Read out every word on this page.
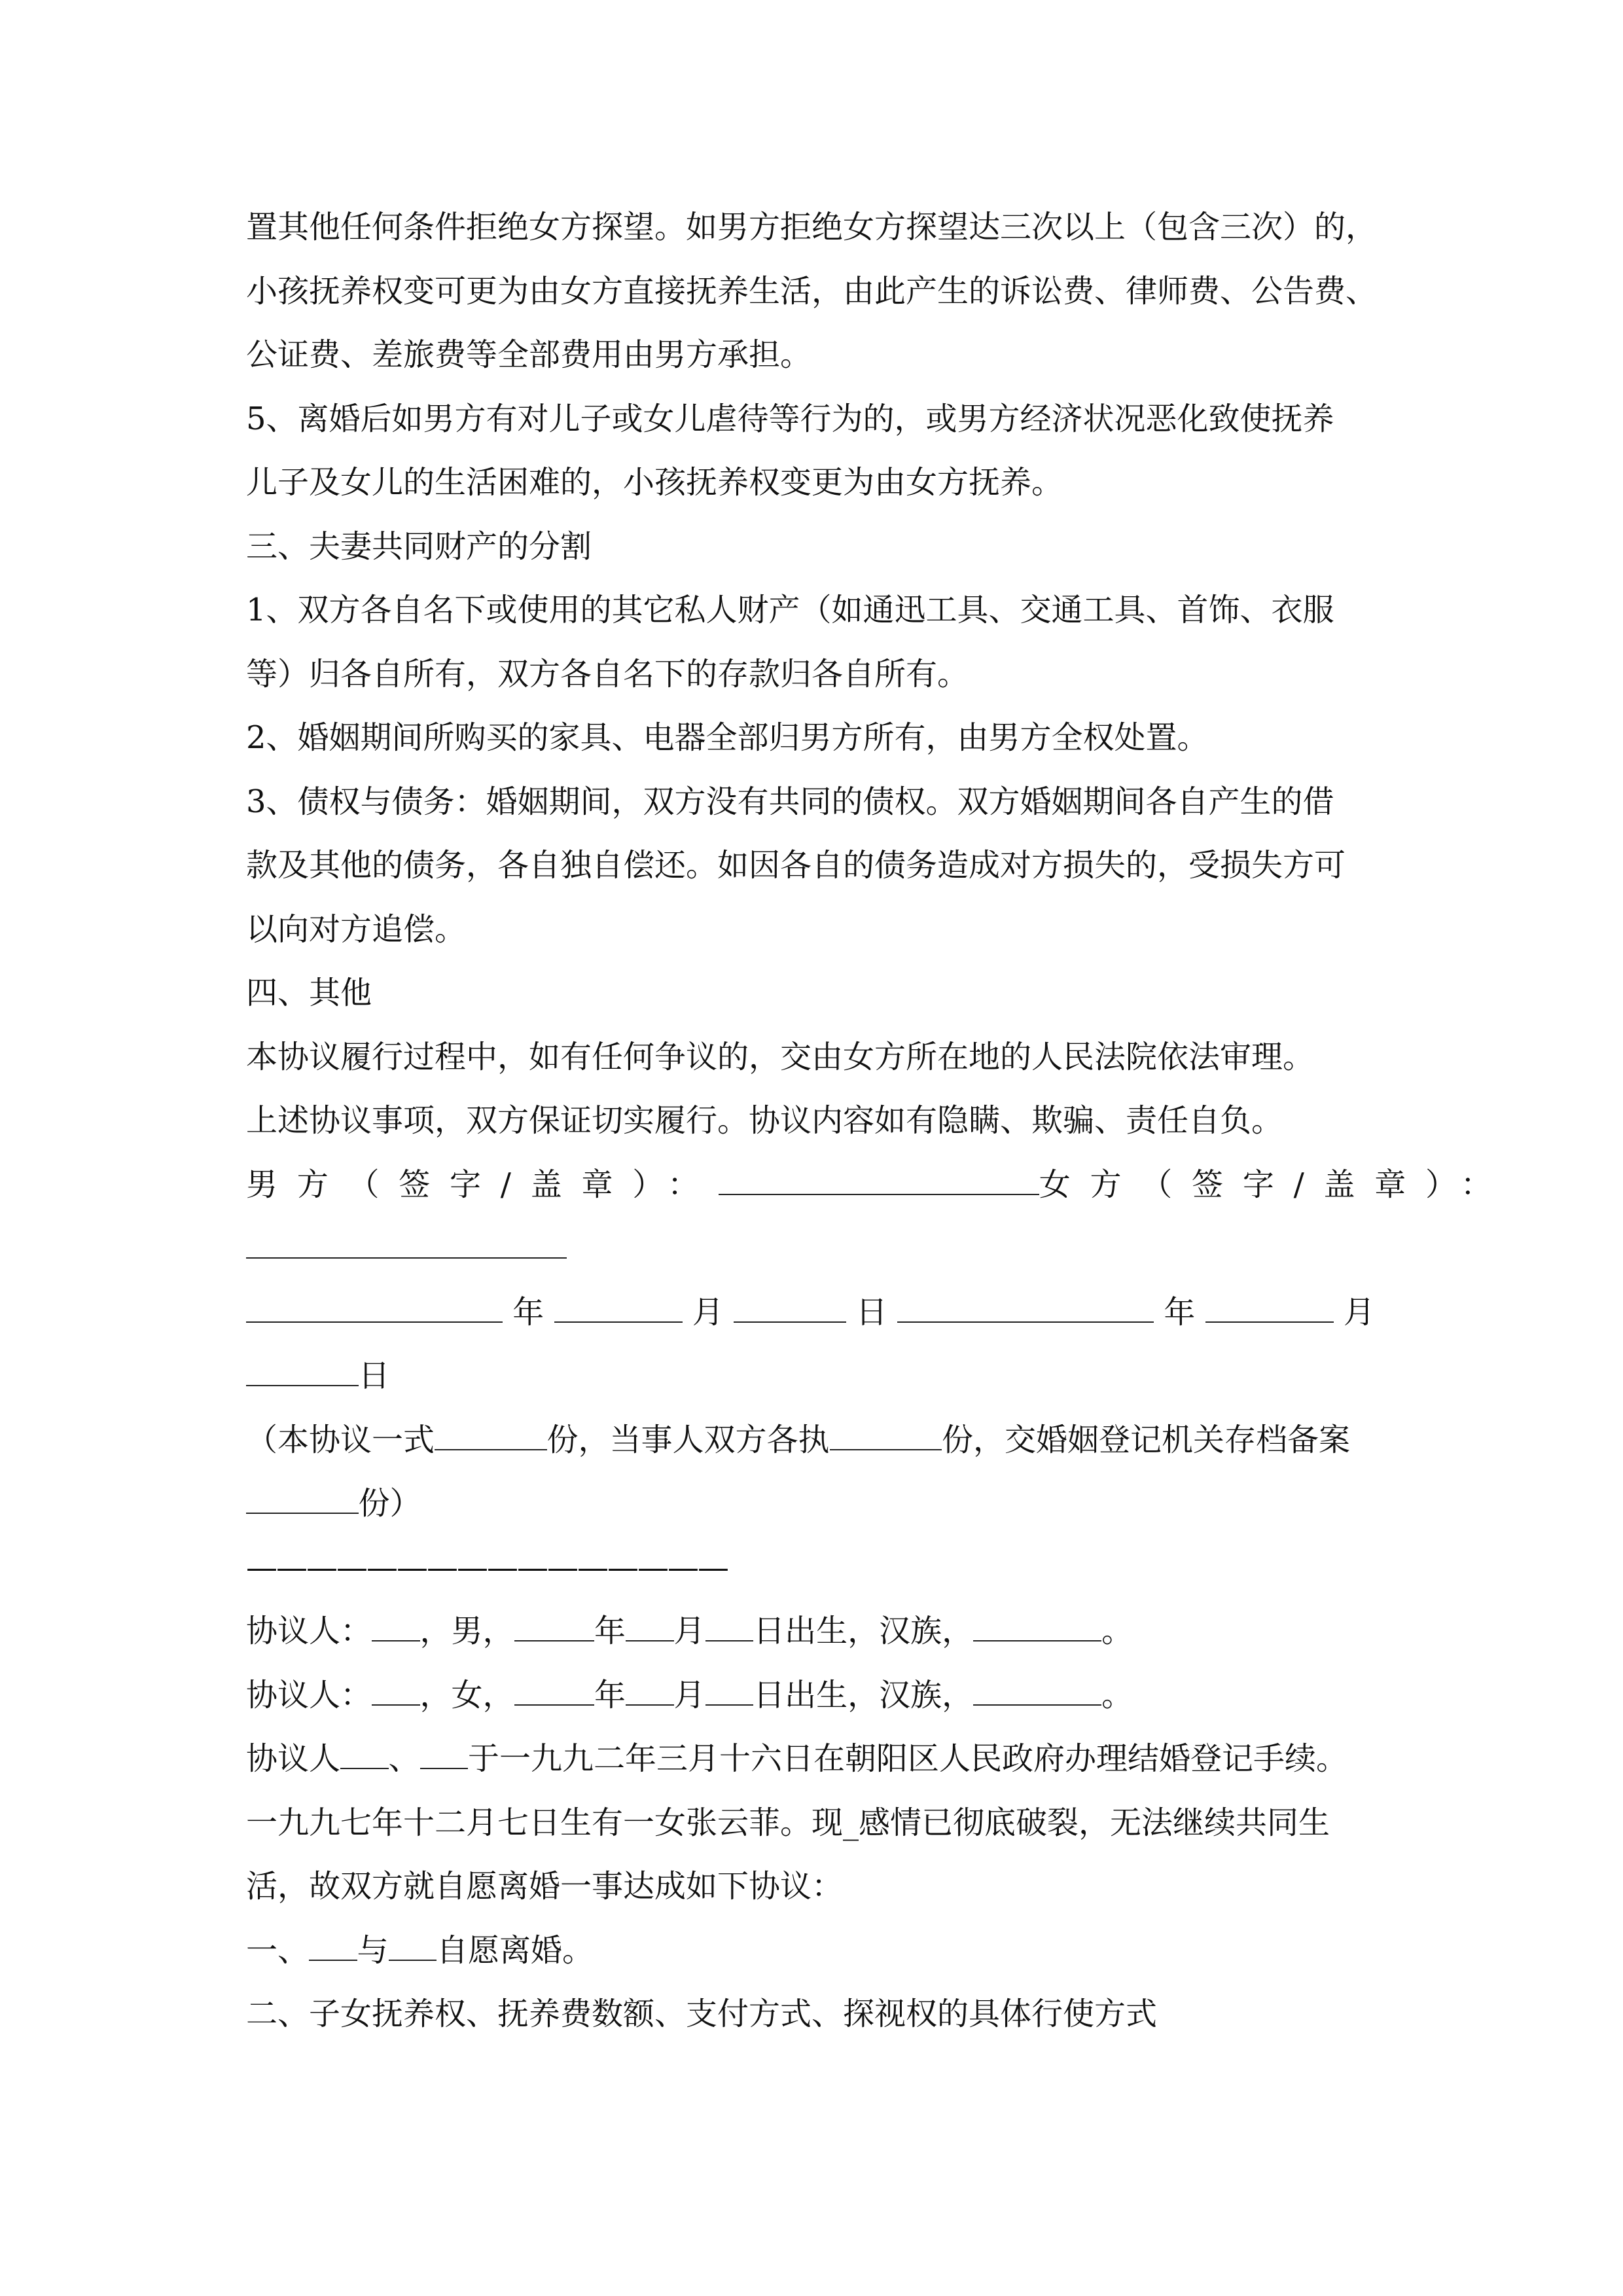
置其他任何条件拒绝女方探望。如男方拒绝女方探望达三次以上（包含三次）的，
小孩抚养权变可更为由女方直接抚养生活，由此产生的诉讼费、律师费、公告费、
公证费、差旅费等全部费用由男方承担。
5、离婚后如男方有对儿子或女儿虐待等行为的，或男方经济状况恶化致使抚养
儿子及女儿的生活困难的，小孩抚养权变更为由女方抚养。
三、夫妻共同财产的分割
1、双方各自名下或使用的其它私人财产（如通迅工具、交通工具、首饰、衣服
等）归各自所有，双方各自名下的存款归各自所有。
2、婚姻期间所购买的家具、电器全部归男方所有，由男方全权处置。
3、债权与债务：婚姻期间，双方没有共同的债权。双方婚姻期间各自产生的借
款及其他的债务，各自独自偿还。如因各自的债务造成对方损失的，受损失方可
以向对方追偿。
四、其他
本协议履行过程中，如有任何争议的，交由女方所在地的人民法院依法审理。
上述协议事项，双方保证切实履行。协议内容如有隐瞒、欺骗、责任自负。
男方（签字/盖章）：	女方（签字/盖章）：
年	月	日	年	月
日
（本协议一式	份，当事人双方各执	份，交婚姻登记机关存档备案
份）
————————————————
协议人： ，男，	年 月 日出生，汉族，	。
协议人： ，女，	年 月 日出生，汉族，	。
协议人 、 于一九九二年三月十六日在朝阳区人民政府办理结婚登记手续。
一九九七年十二月七日生有一女张云菲。现_感情已彻底破裂，无法继续共同生
活，故双方就自愿离婚一事达成如下协议：
一、 与 自愿离婚。
二、子女抚养权、抚养费数额、支付方式、探视权的具体行使方式
